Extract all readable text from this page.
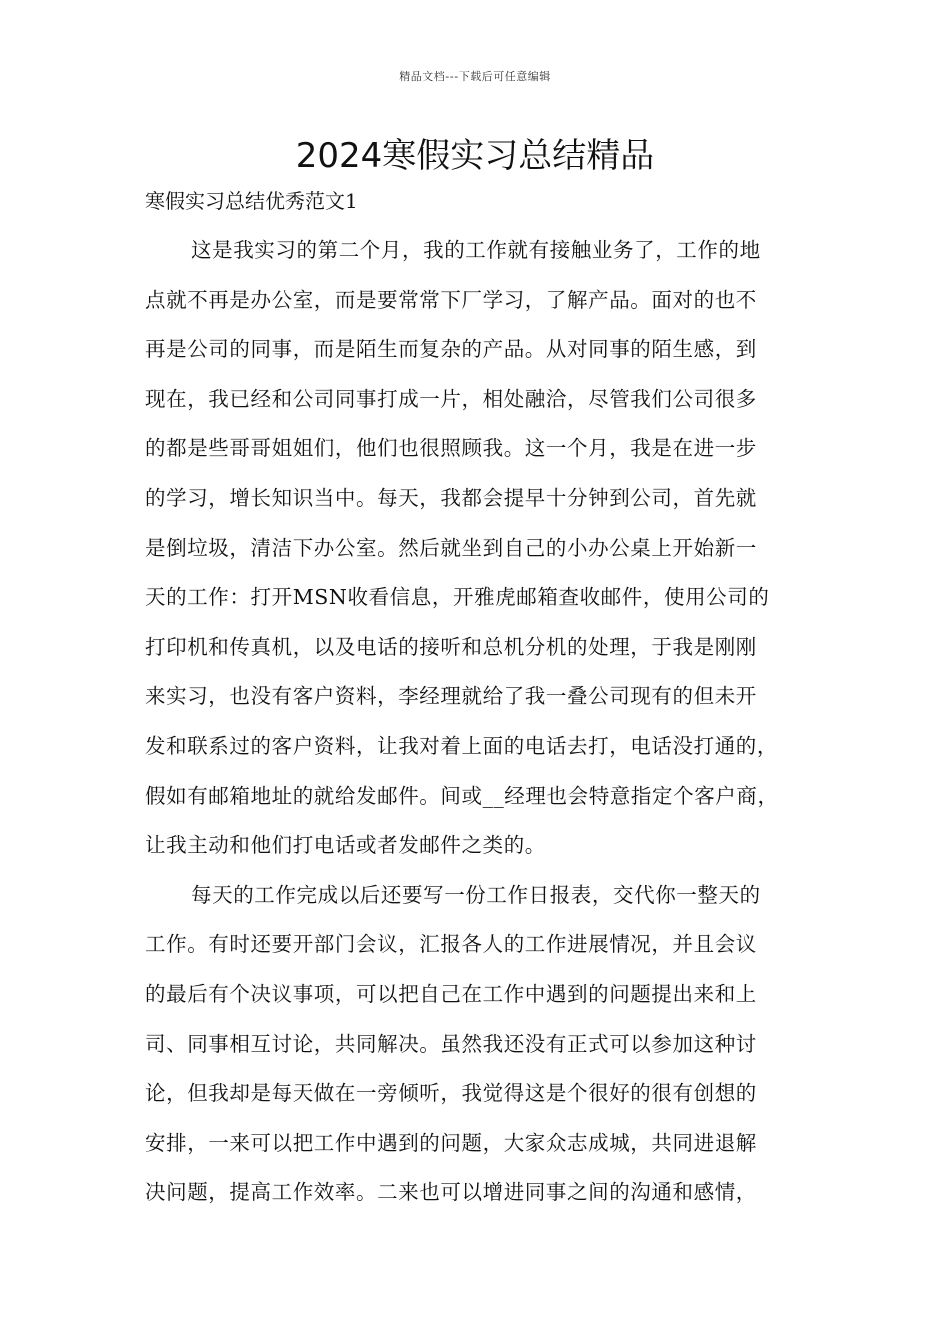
精品文档---下载后可任意编辑
2024寒假实习总结精品

寒假实习总结优秀范文1

这是我实习的第二个月，我的工作就有接触业务了，工作的地
点就不再是办公室，而是要常常下厂学习，了解产品。面对的也不
再是公司的同事，而是陌生而复杂的产品。从对同事的陌生感，到
现在，我已经和公司同事打成一片，相处融洽，尽管我们公司很多
的都是些哥哥姐姐们，他们也很照顾我。这一个月，我是在进一步
的学习，增长知识当中。每天，我都会提早十分钟到公司，首先就
是倒垃圾，清洁下办公室。然后就坐到自己的小办公桌上开始新一
天的工作：打开MSN收看信息，开雅虎邮箱查收邮件，使用公司的
打印机和传真机，以及电话的接听和总机分机的处理，于我是刚刚
来实习，也没有客户资料，李经理就给了我一叠公司现有的但未开
发和联系过的客户资料，让我对着上面的电话去打，电话没打通的，
假如有邮箱地址的就给发邮件。间或__经理也会特意指定个客户商，
让我主动和他们打电话或者发邮件之类的。
每天的工作完成以后还要写一份工作日报表，交代你一整天的
工作。有时还要开部门会议，汇报各人的工作进展情况，并且会议
的最后有个决议事项，可以把自己在工作中遇到的问题提出来和上
司、同事相互讨论，共同解决。虽然我还没有正式可以参加这种讨
论，但我却是每天做在一旁倾听，我觉得这是个很好的很有创想的
安排，一来可以把工作中遇到的问题，大家众志成城，共同进退解
决问题，提高工作效率。二来也可以增进同事之间的沟通和感情，
